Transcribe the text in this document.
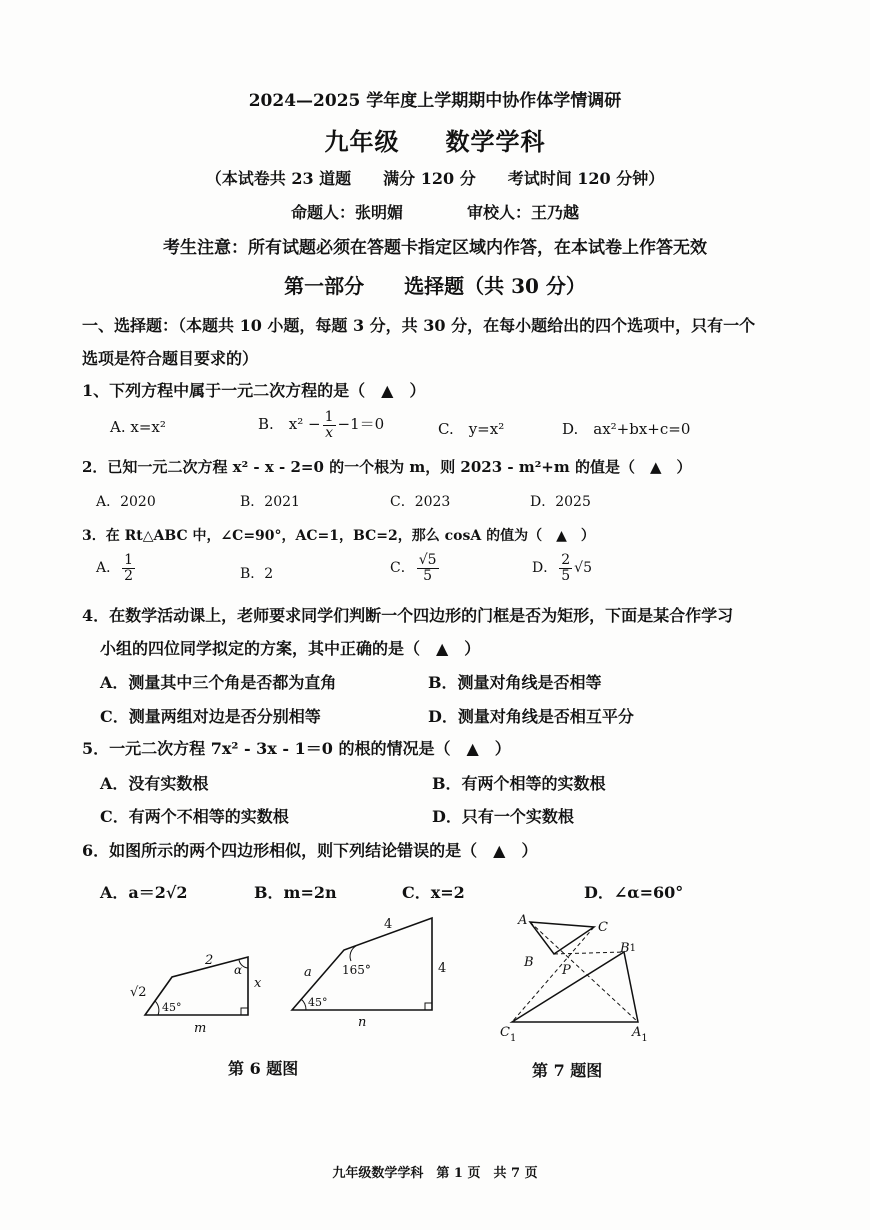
2024—2025 学年度上学期期中协作体学情调研
九年级 数学学科
（本试卷共 23 道题　　满分 120 分　　考试时间 120 分钟）
命题人：张明媚　　　　审校人：王乃越
考生注意：所有试题必须在答题卡指定区域内作答，在本试卷上作答无效
第一部分　　选择题（共 30 分）
一、选择题：（本题共 10 小题，每题 3 分，共 30 分，在每小题给出的四个选项中，只有一个
选项是符合题目要求的）
1、下列方程中属于一元二次方程的是（　▲　）
A. x=x²	B.　$x^2 - \frac{1}{x} -1=0$	C.　y=x²	D.　ax²+bx+c=0
2．已知一元二次方程 x² - x - 2=0 的一个根为 m，则 2023 - m²+m 的值是（　▲　）
A．2020	B．2021	C．2023	D．2025
3．在 Rt△ABC 中，∠C=90°，AC=1，BC=2，那么 cosA 的值为（　▲　）
A． $\frac{1}{2}$	B．2	C． $\frac{√5}{5}$	D． $\frac{2}{5} √5$
4．在数学活动课上，老师要求同学们判断一个四边形的门框是否为矩形，下面是某合作学习
小组的四位同学拟定的方案，其中正确的是（　▲　）
A．测量其中三个角是否都为直角	B．测量对角线是否相等
C．测量两组对边是否分别相等	D．测量对角线是否相互平分
5．一元二次方程 7x² - 3x - 1＝0 的根的情况是（　▲　）
A．没有实数根	B．有两个相等的实数根
C．有两个不相等的实数根	D．只有一个实数根
6．如图所示的两个四边形相似，则下列结论错误的是（　▲　）
A．a＝2√2	B．m=2n	C．x=2	D．∠α=60°
2
√2
α
45°
x
m
4
a	165°
45°
4
n
第 6 题图
A	C
B
B1
P
$C_1$	$A_1$
第 7 题图
九年级数学学科　第 1 页　共 7 页
